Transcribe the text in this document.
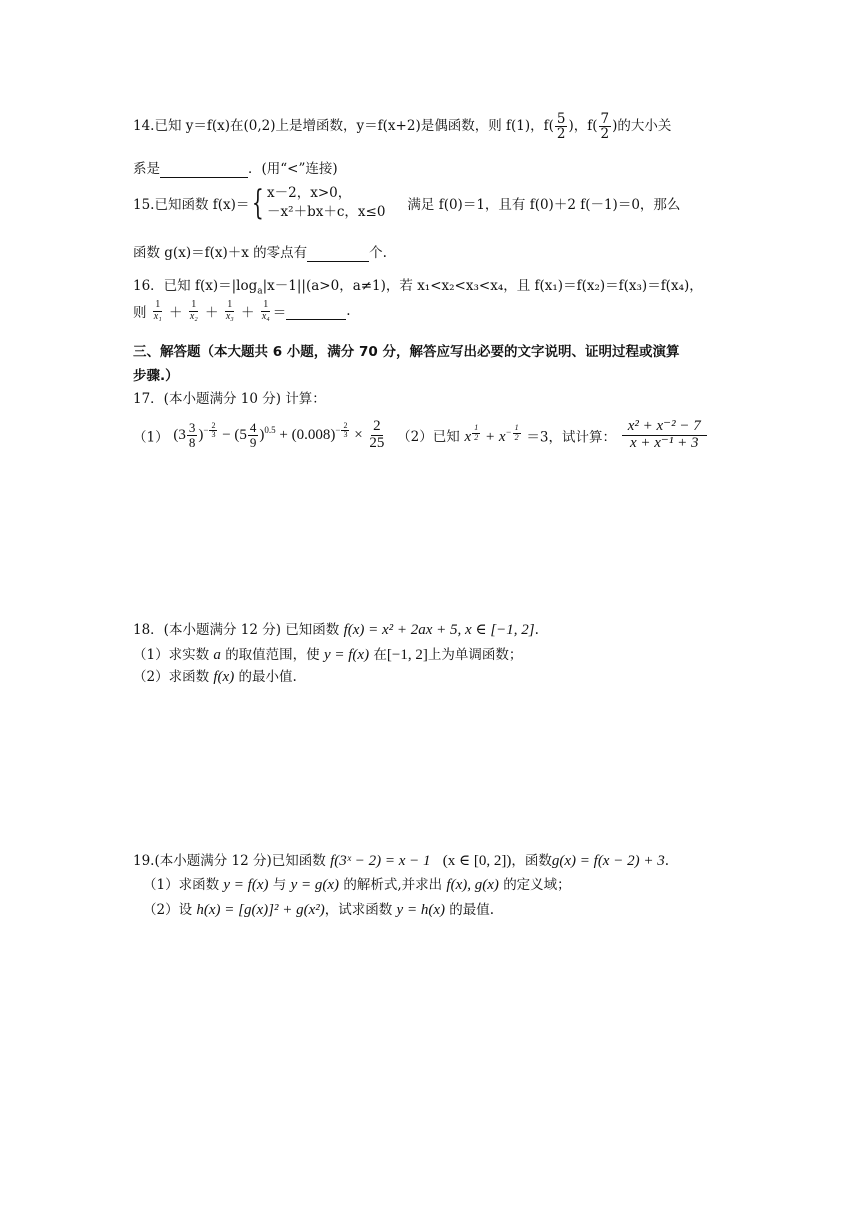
14.已知 y＝f(x)在(0,2)上是增函数，y＝f(x+2)是偶函数，则 f(1)，$f( \frac{5}{2}$ )，$f( \frac{7}{2}$ )的大小关
系是	．(用“<”连接)
15.已知函数 f(x)＝{ x－2，x>0，
－x²＋bx＋c，x≤0 满足 f(0)＝1，且有 f(0)＋2 f(－1)＝0，那么
函数 g(x)＝f(x)＋x 的零点有	个.
16．已知 $f(x)=|\log_a|x-1||(a>0$，a≠1)，若 x₁<x₂<x₃<x₄，且 f(x₁)＝f(x₂)＝f(x₃)＝f(x₄)，
则 $\frac{1}{\text{x₁}} + \frac{1}{\text{x₂}} + \frac{1}{\text{x₃}} + \frac{1}{\text{x₄}}$ ＝	.
三、解答题（本大题共 6 小题，满分 70 分，解答应写出必要的文字说明、证明过程或演算
步骤.）
17．(本小题满分 10 分) 计算：
（1） $(3 \frac{3}{8} )^{- \frac{2}{3}} - (5 \frac{4}{9} )^{0.5} + (0.008)^{- \frac{2}{3}} \times \frac{2}{25} (2)$已知 x $^{\frac{1}{2}} + x^{- \frac{1}{2}} =3$，试计算： $\frac{\text{x² + x⁻² − 7}}{\text{x + x⁻¹ + 3}}$
18．(本小题满分 12 分) 已知函数 f(x) = x² + 2ax + 5, x ∈ [−1, 2].
（1）求实数 a 的取值范围，使 y = f(x) 在[−1, 2]上为单调函数；
（2）求函数 f(x) 的最小值.
19.(本小题满分 12 分)已知函数 f(3ˣ − 2) = x − 1 (x ∈ [0, 2])，函数g(x) = f(x − 2) + 3.
（1）求函数 y = f(x) 与 y = g(x) 的解析式,并求出 f(x), g(x) 的定义域；
（2）设 h(x) = [g(x)]² + g(x²)，试求函数 y = h(x) 的最值.
